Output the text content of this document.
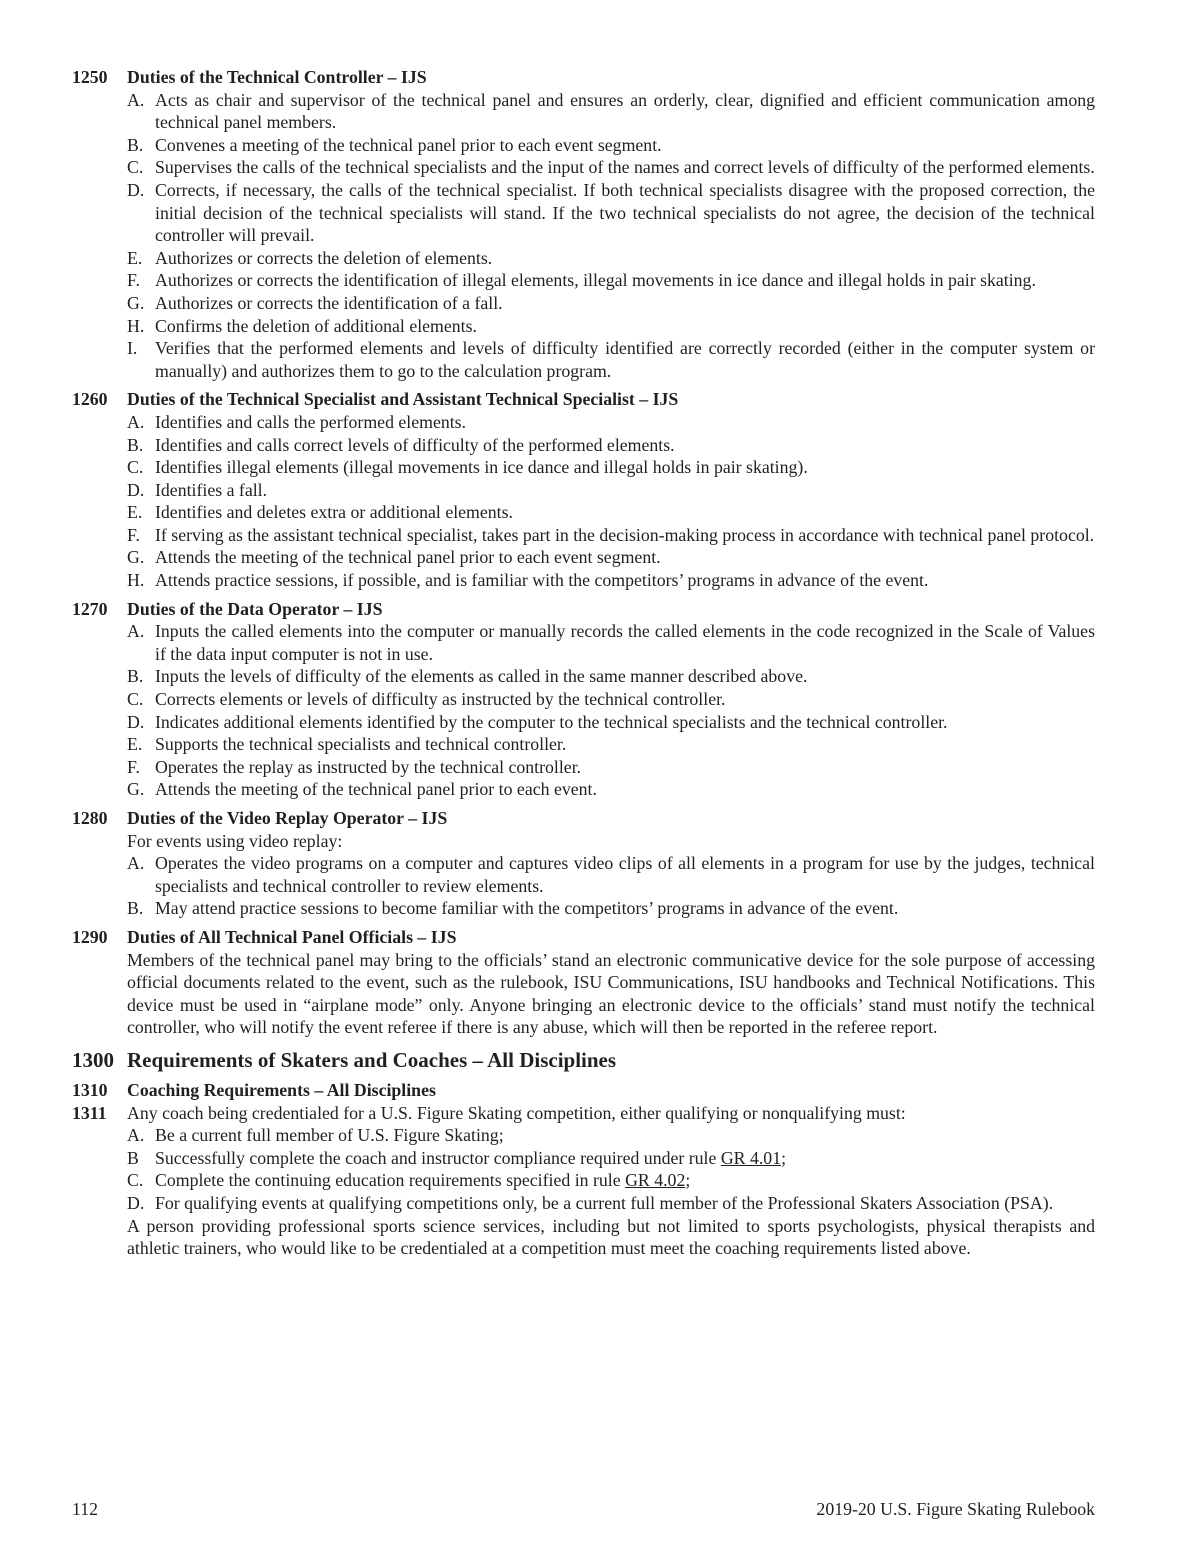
1250 Duties of the Technical Controller – IJS
A. Acts as chair and supervisor of the technical panel and ensures an orderly, clear, dignified and efficient communication among technical panel members.
B. Convenes a meeting of the technical panel prior to each event segment.
C. Supervises the calls of the technical specialists and the input of the names and correct levels of difficulty of the performed elements.
D. Corrects, if necessary, the calls of the technical specialist. If both technical specialists disagree with the proposed correction, the initial decision of the technical specialists will stand. If the two technical specialists do not agree, the decision of the technical controller will prevail.
E. Authorizes or corrects the deletion of elements.
F. Authorizes or corrects the identification of illegal elements, illegal movements in ice dance and illegal holds in pair skating.
G. Authorizes or corrects the identification of a fall.
H. Confirms the deletion of additional elements.
I. Verifies that the performed elements and levels of difficulty identified are correctly recorded (either in the computer system or manually) and authorizes them to go to the calculation program.
1260 Duties of the Technical Specialist and Assistant Technical Specialist – IJS
A. Identifies and calls the performed elements.
B. Identifies and calls correct levels of difficulty of the performed elements.
C. Identifies illegal elements (illegal movements in ice dance and illegal holds in pair skating).
D. Identifies a fall.
E. Identifies and deletes extra or additional elements.
F. If serving as the assistant technical specialist, takes part in the decision-making process in accordance with technical panel protocol.
G. Attends the meeting of the technical panel prior to each event segment.
H. Attends practice sessions, if possible, and is familiar with the competitors’ programs in advance of the event.
1270 Duties of the Data Operator – IJS
A. Inputs the called elements into the computer or manually records the called elements in the code recognized in the Scale of Values if the data input computer is not in use.
B. Inputs the levels of difficulty of the elements as called in the same manner described above.
C. Corrects elements or levels of difficulty as instructed by the technical controller.
D. Indicates additional elements identified by the computer to the technical specialists and the technical controller.
E. Supports the technical specialists and technical controller.
F. Operates the replay as instructed by the technical controller.
G. Attends the meeting of the technical panel prior to each event.
1280 Duties of the Video Replay Operator – IJS
For events using video replay:
A. Operates the video programs on a computer and captures video clips of all elements in a program for use by the judges, technical specialists and technical controller to review elements.
B. May attend practice sessions to become familiar with the competitors’ programs in advance of the event.
1290 Duties of All Technical Panel Officials – IJS
Members of the technical panel may bring to the officials’ stand an electronic communicative device for the sole purpose of accessing official documents related to the event, such as the rulebook, ISU Communications, ISU handbooks and Technical Notifications. This device must be used in “airplane mode” only. Anyone bringing an electronic device to the officials’ stand must notify the technical controller, who will notify the event referee if there is any abuse, which will then be reported in the referee report.
1300 Requirements of Skaters and Coaches – All Disciplines
1310 Coaching Requirements – All Disciplines
1311 Any coach being credentialed for a U.S. Figure Skating competition, either qualifying or nonqualifying must:
A. Be a current full member of U.S. Figure Skating;
B Successfully complete the coach and instructor compliance required under rule GR 4.01;
C. Complete the continuing education requirements specified in rule GR 4.02;
D. For qualifying events at qualifying competitions only, be a current full member of the Professional Skaters Association (PSA).
A person providing professional sports science services, including but not limited to sports psychologists, physical therapists and athletic trainers, who would like to be credentialed at a competition must meet the coaching requirements listed above.
112	2019-20 U.S. Figure Skating Rulebook
